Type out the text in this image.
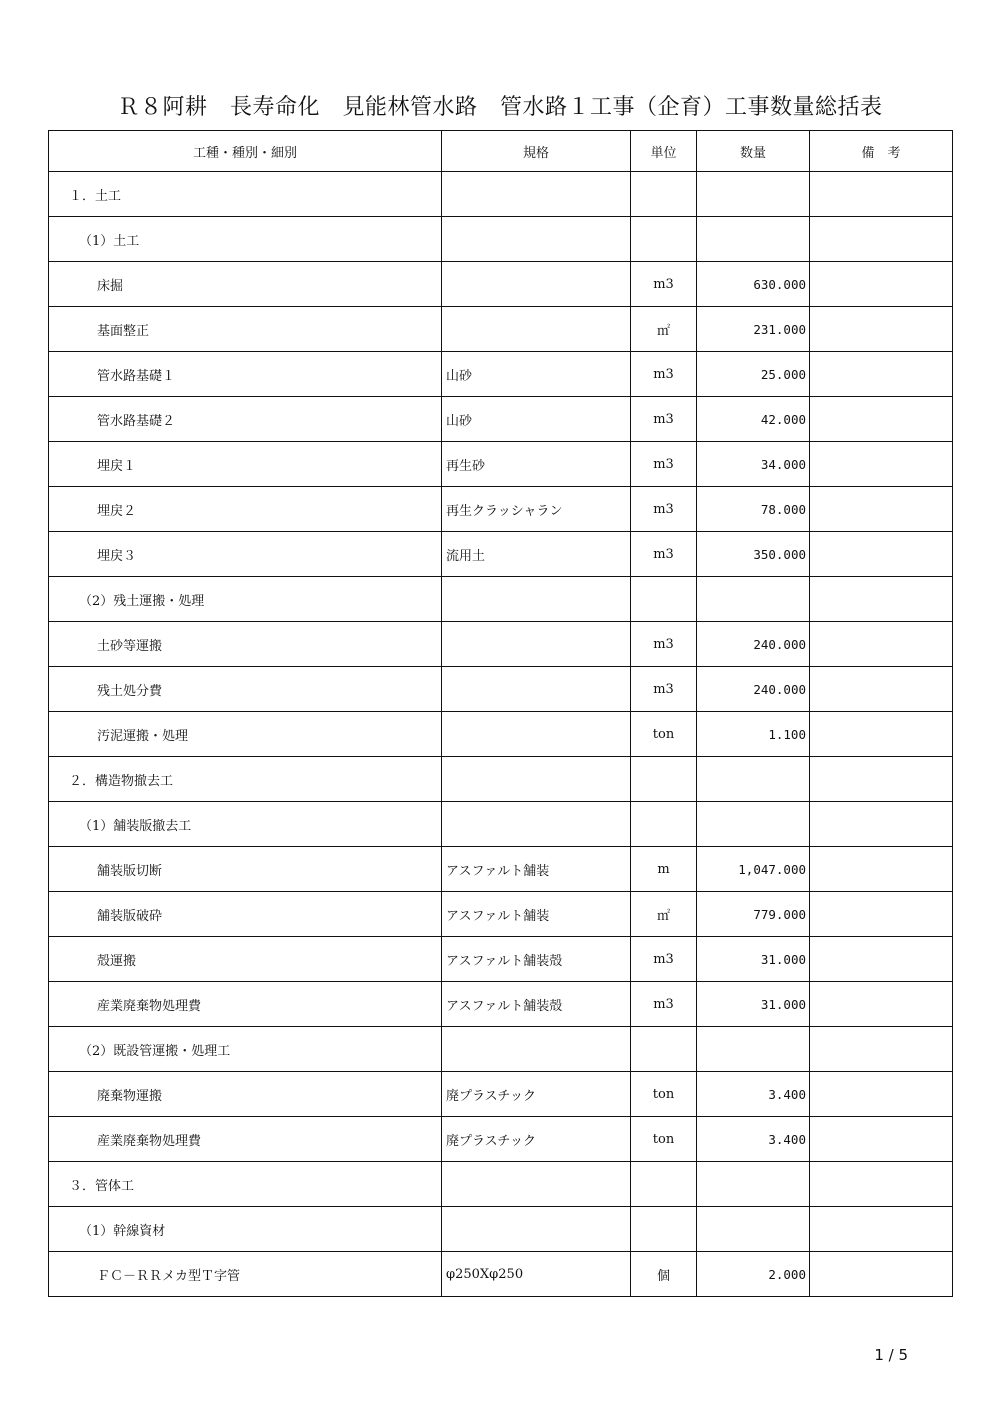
Ｒ８阿耕　長寿命化　見能林管水路　管水路１工事（企育）工事数量総括表
工種・種別・細別	規格	単位	数量	備　考
１．土工				
（1）土工				
床掘		m3	630.000	
基面整正		㎡	231.000	
管水路基礎１	山砂	m3	25.000	
管水路基礎２	山砂	m3	42.000	
埋戻１	再生砂	m3	34.000	
埋戻２	再生クラッシャラン	m3	78.000	
埋戻３	流用土	m3	350.000	
（2）残土運搬・処理				
土砂等運搬		m3	240.000	
残土処分費		m3	240.000	
汚泥運搬・処理		ton	1.100	
２．構造物撤去工				
（1）舗装版撤去工				
舗装版切断	アスファルト舗装	m	1,047.000	
舗装版破砕	アスファルト舗装	㎡	779.000	
殻運搬	アスファルト舗装殻	m3	31.000	
産業廃棄物処理費	アスファルト舗装殻	m3	31.000	
（2）既設管運搬・処理工				
廃棄物運搬	廃プラスチック	ton	3.400	
産業廃棄物処理費	廃プラスチック	ton	3.400	
３．管体工				
（1）幹線資材				
ＦＣ－ＲＲメカ型Ｔ字管	φ250Xφ250	個	2.000	
1 / 5
